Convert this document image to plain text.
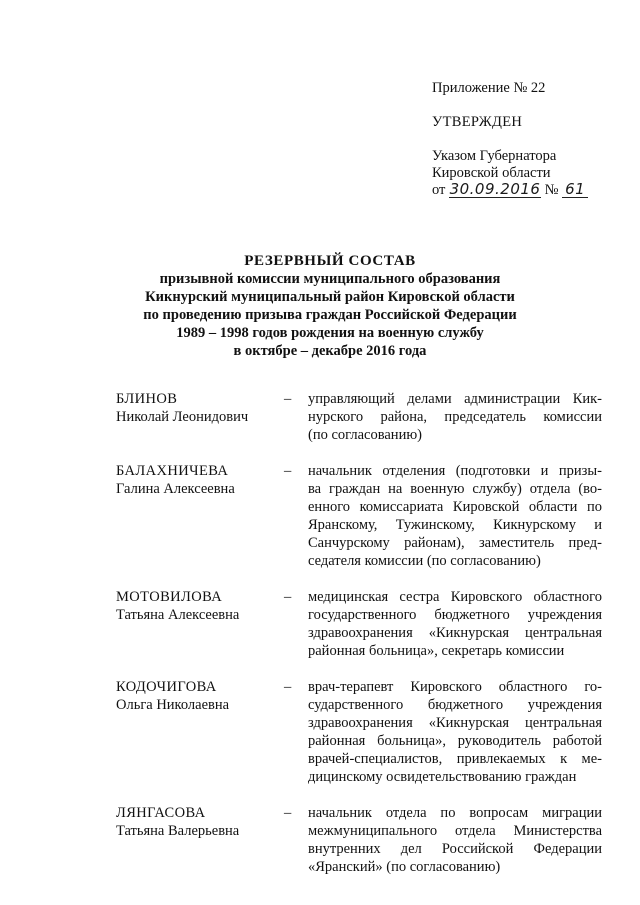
Приложение № 22
УТВЕРЖДЕН
Указом Губернатора
Кировской области
от 30.09.2016 № 61
РЕЗЕРВНЫЙ СОСТАВ
призывной комиссии муниципального образования
Кикнурский муниципальный район Кировской области
по проведению призыва граждан Российской Федерации
1989 – 1998 годов рождения на военную службу
в октябре – декабре 2016 года
БЛИНОВ
Николай Леонидович
–	управляющий делами администрации Кик-
нурского района, председатель комиссии
(по согласованию)
БАЛАХНИЧЕВА
Галина Алексеевна
–	начальник отделения (подготовки и призы-
ва граждан на военную службу) отдела (во-
енного комиссариата Кировской области по
Яранскому, Тужинскому, Кикнурскому и
Санчурскому районам), заместитель пред-
седателя комиссии (по согласованию)
МОТОВИЛОВА
Татьяна Алексеевна
–	медицинская сестра Кировского областного
государственного бюджетного учреждения
здравоохранения «Кикнурская центральная
районная больница», секретарь комиссии
КОДОЧИГОВА
Ольга Николаевна
–	врач-терапевт Кировского областного го-
сударственного бюджетного учреждения
здравоохранения «Кикнурская центральная
районная больница», руководитель работой
врачей-специалистов, привлекаемых к ме-
дицинскому освидетельствованию граждан
ЛЯНГАСОВА
Татьяна Валерьевна
–	начальник отдела по вопросам миграции
межмуниципального отдела Министерства
внутренних дел Российской Федерации
«Яранский» (по согласованию)
